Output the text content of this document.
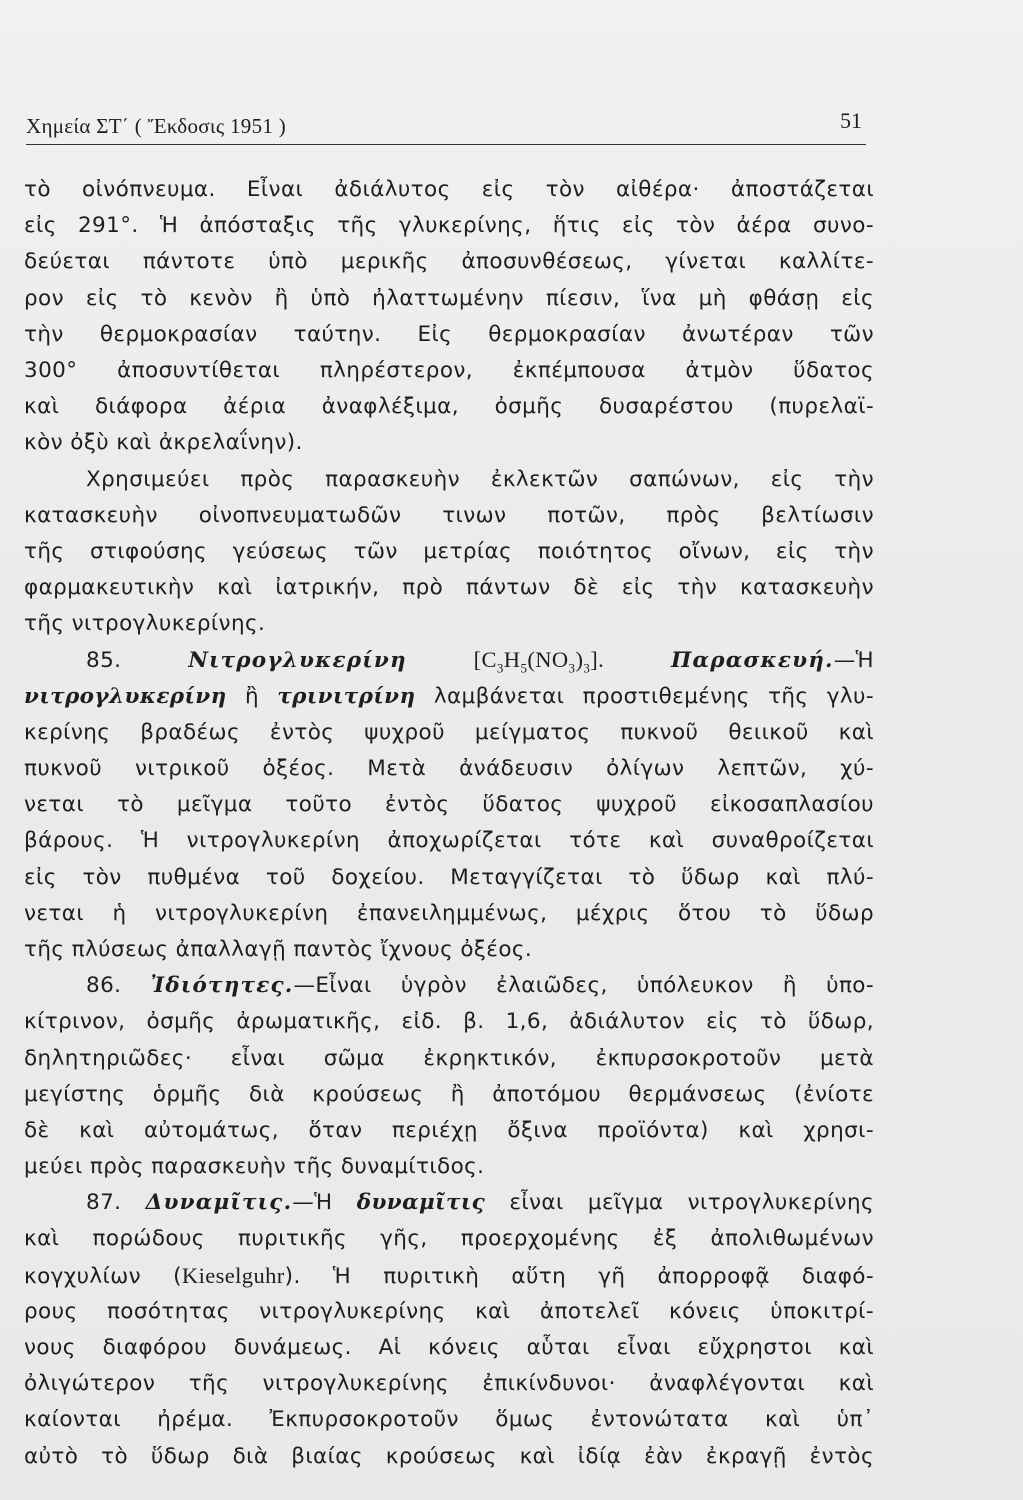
Χημεία ΣΤ΄ ( Ἔκδοσις 1951 )	51
τὸ οἰνόπνευμα. Εἶναι ἀδιάλυτος εἰς τὸν αἰθέρα· ἀποστάζεται
εἰς 291°. Ἡ ἀπόσταξις τῆς γλυκερίνης, ἥτις εἰς τὸν ἀέρα συνο-
δεύεται πάντοτε ὑπὸ μερικῆς ἀποσυνθέσεως, γίνεται καλλίτε-
ρον εἰς τὸ κενὸν ἢ ὑπὸ ἠλαττωμένην πίεσιν, ἵνα μὴ φθάσῃ εἰς
τὴν θερμοκρασίαν ταύτην. Εἰς θερμοκρασίαν ἀνωτέραν τῶν
300° ἀποσυντίθεται πληρέστερον, ἐκπέμπουσα ἀτμὸν ὕδατος
καὶ διάφορα ἀέρια ἀναφλέξιμα, ὀσμῆς δυσαρέστου (πυρελαϊ-
κὸν ὀξὺ καὶ ἀκρελαΐνην).
Χρησιμεύει πρὸς παρασκευὴν ἐκλεκτῶν σαπώνων, εἰς τὴν
κατασκευὴν οἰνοπνευματωδῶν τινων ποτῶν, πρὸς βελτίωσιν
τῆς στιφούσης γεύσεως τῶν μετρίας ποιότητος οἴνων, εἰς τὴν
φαρμακευτικὴν καὶ ἰατρικήν, πρὸ πάντων δὲ εἰς τὴν κατασκευὴν
τῆς νιτρογλυκερίνης.
85.	Νιτρογλυκερίνη	$[C_3H_5(NO_3)_3]$.	Παρασκευή.—Ἡ
νιτρογλυκερίνη ἢ τρινιτρίνη λαμβάνεται προστιθεμένης τῆς γλυ-
κερίνης βραδέως ἐντὸς ψυχροῦ μείγματος πυκνοῦ θειικοῦ καὶ
πυκνοῦ νιτρικοῦ ὀξέος. Μετὰ ἀνάδευσιν ὀλίγων λεπτῶν, χύ-
νεται τὸ μεῖγμα τοῦτο ἐντὸς ὕδατος ψυχροῦ εἰκοσαπλασίου
βάρους. Ἡ νιτρογλυκερίνη ἀποχωρίζεται τότε καὶ συναθροίζεται
εἰς τὸν πυθμένα τοῦ δοχείου. Μεταγγίζεται τὸ ὕδωρ καὶ πλύ-
νεται ἡ νιτρογλυκερίνη ἐπανειλημμένως, μέχρις ὅτου τὸ ὕδωρ
τῆς πλύσεως ἀπαλλαγῇ παντὸς ἴχνους ὀξέος.
86. Ἰδιότητες.—Εἶναι ὑγρὸν ἐλαιῶδες, ὑπόλευκον ἢ ὑπο-
κίτρινον, ὀσμῆς ἀρωματικῆς, εἰδ. β. 1,6, ἀδιάλυτον εἰς τὸ ὕδωρ,
δηλητηριῶδες· εἶναι σῶμα ἐκρηκτικόν, ἐκπυρσοκροτοῦν μετὰ
μεγίστης ὁρμῆς διὰ κρούσεως ἢ ἀποτόμου θερμάνσεως (ἐνίοτε
δὲ καὶ αὐτομάτως, ὅταν περιέχῃ ὄξινα προϊόντα) καὶ χρησι-
μεύει πρὸς παρασκευὴν τῆς δυναμίτιδος.
87. Δυναμῖτις.—Ἡ δυναμῖτις εἶναι μεῖγμα νιτρογλυκερίνης
καὶ πορώδους πυριτικῆς γῆς, προερχομένης ἐξ ἀπολιθωμένων
κογχυλίων (Kieselguhr). Ἡ πυριτικὴ αὕτη γῆ ἀπορροφᾷ διαφό-
ρους ποσότητας νιτρογλυκερίνης καὶ ἀποτελεῖ κόνεις ὑποκιτρί-
νους διαφόρου δυνάμεως. Αἱ κόνεις αὗται εἶναι εὔχρηστοι καὶ
ὀλιγώτερον τῆς νιτρογλυκερίνης ἐπικίνδυνοι· ἀναφλέγονται καὶ
καίονται ἠρέμα. Ἐκπυρσοκροτοῦν ὅμως ἐντονώτατα καὶ ὑπ᾽
αὐτὸ τὸ ὕδωρ διὰ βιαίας κρούσεως καὶ ἰδίᾳ ἐὰν ἐκραγῇ ἐντὸς
